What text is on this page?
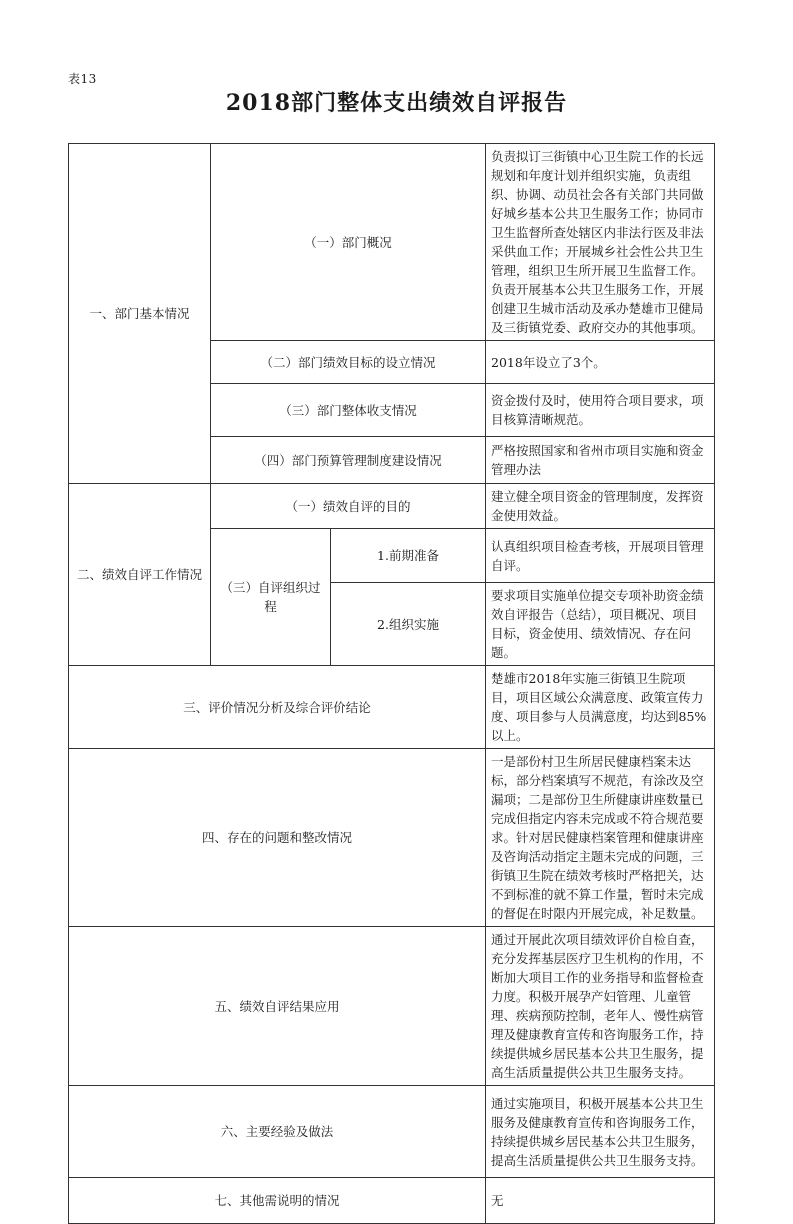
表13
2018部门整体支出绩效自评报告
一、部门基本情况	（一）部门概况		负责拟订三街镇中心卫生院工作的长远规划和年度计划并组织实施，负责组织、协调、动员社会各有关部门共同做好城乡基本公共卫生服务工作；协同市卫生监督所查处辖区内非法行医及非法采供血工作；开展城乡社会性公共卫生管理，组织卫生所开展卫生监督工作。负责开展基本公共卫生服务工作，开展创建卫生城市活动及承办楚雄市卫健局及三街镇党委、政府交办的其他事项。
	（二）部门绩效目标的设立情况		2018年设立了3个。
	（三）部门整体收支情况		资金拨付及时，使用符合项目要求，项目核算清晰规范。
	（四）部门预算管理制度建设情况		严格按照国家和省州市项目实施和资金管理办法
二、绩效自评工作情况	（一）绩效自评的目的		建立健全项目资金的管理制度，发挥资金使用效益。
	（三）自评组织过程	1.前期准备	认真组织项目检查考核，开展项目管理自评。
		2.组织实施	要求项目实施单位提交专项补助资金绩效自评报告（总结），项目概况、项目目标，资金使用、绩效情况、存在问题。
三、评价情况分析及综合评价结论			楚雄市2018年实施三街镇卫生院项目，项目区域公众满意度、政策宣传力度、项目参与人员满意度，均达到85%以上。
四、存在的问题和整改情况			一是部份村卫生所居民健康档案未达标，部分档案填写不规范，有涂改及空漏项；二是部份卫生所健康讲座数量已完成但指定内容未完成或不符合规范要求。针对居民健康档案管理和健康讲座及咨询活动指定主题未完成的问题，三街镇卫生院在绩效考核时严格把关，达不到标准的就不算工作量，暂时未完成的督促在时限内开展完成，补足数量。
五、绩效自评结果应用			通过开展此次项目绩效评价自检自查，充分发挥基层医疗卫生机构的作用，不断加大项目工作的业务指导和监督检查力度。积极开展孕产妇管理、儿童管理、疾病预防控制，老年人、慢性病管理及健康教育宣传和咨询服务工作，持续提供城乡居民基本公共卫生服务，提高生活质量提供公共卫生服务支持。
六、主要经验及做法			通过实施项目，积极开展基本公共卫生服务及健康教育宣传和咨询服务工作，持续提供城乡居民基本公共卫生服务，提高生活质量提供公共卫生服务支持。
七、其他需说明的情况			无
